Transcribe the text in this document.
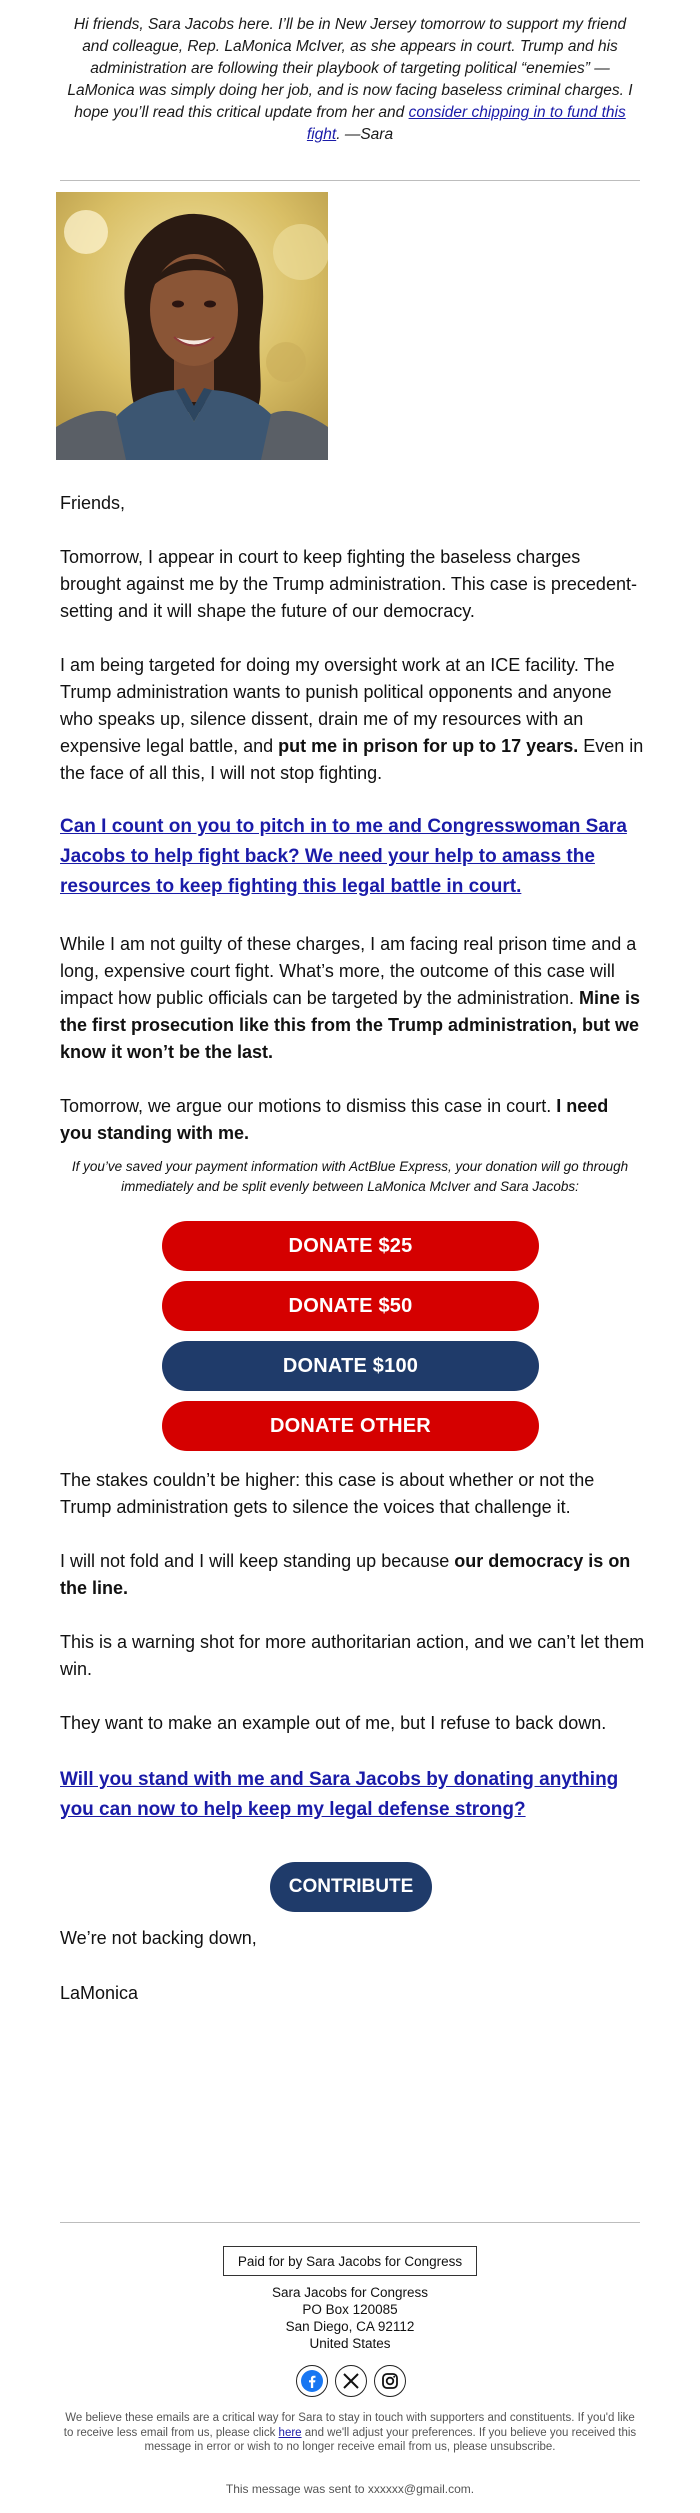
Hi friends, Sara Jacobs here. I’ll be in New Jersey tomorrow to support my friend and colleague, Rep. LaMonica McIver, as she appears in court. Trump and his administration are following their playbook of targeting political “enemies” — LaMonica was simply doing her job, and is now facing baseless criminal charges. I hope you’ll read this critical update from her and consider chipping in to fund this fight. —Sara
Friends,
Tomorrow, I appear in court to keep fighting the baseless charges brought against me by the Trump administration. This case is precedent-setting and it will shape the future of our democracy.
I am being targeted for doing my oversight work at an ICE facility. The Trump administration wants to punish political opponents and anyone who speaks up, silence dissent, drain me of my resources with an expensive legal battle, and put me in prison for up to 17 years. Even in the face of all this, I will not stop fighting.
Can I count on you to pitch in to me and Congresswoman Sara Jacobs to help fight back? We need your help to amass the resources to keep fighting this legal battle in court.
While I am not guilty of these charges, I am facing real prison time and a long, expensive court fight. What’s more, the outcome of this case will impact how public officials can be targeted by the administration. Mine is the first prosecution like this from the Trump administration, but we know it won’t be the last.
Tomorrow, we argue our motions to dismiss this case in court. I need you standing with me.
If you’ve saved your payment information with ActBlue Express, your donation will go through immediately and be split evenly between LaMonica McIver and Sara Jacobs:
DONATE $25
DONATE $50
DONATE $100
DONATE OTHER
The stakes couldn’t be higher: this case is about whether or not the Trump administration gets to silence the voices that challenge it.
I will not fold and I will keep standing up because our democracy is on the line.
This is a warning shot for more authoritarian action, and we can’t let them win.
They want to make an example out of me, but I refuse to back down.
Will you stand with me and Sara Jacobs by donating anything you can now to help keep my legal defense strong?
CONTRIBUTE
We’re not backing down,
LaMonica
Paid for by Sara Jacobs for Congress
Sara Jacobs for Congress
PO Box 120085
San Diego, CA 92112
United States
We believe these emails are a critical way for Sara to stay in touch with supporters and constituents. If you'd like to receive less email from us, please click here and we'll adjust your preferences. If you believe you received this message in error or wish to no longer receive email from us, please unsubscribe.
This message was sent to xxxxxx@gmail.com.
